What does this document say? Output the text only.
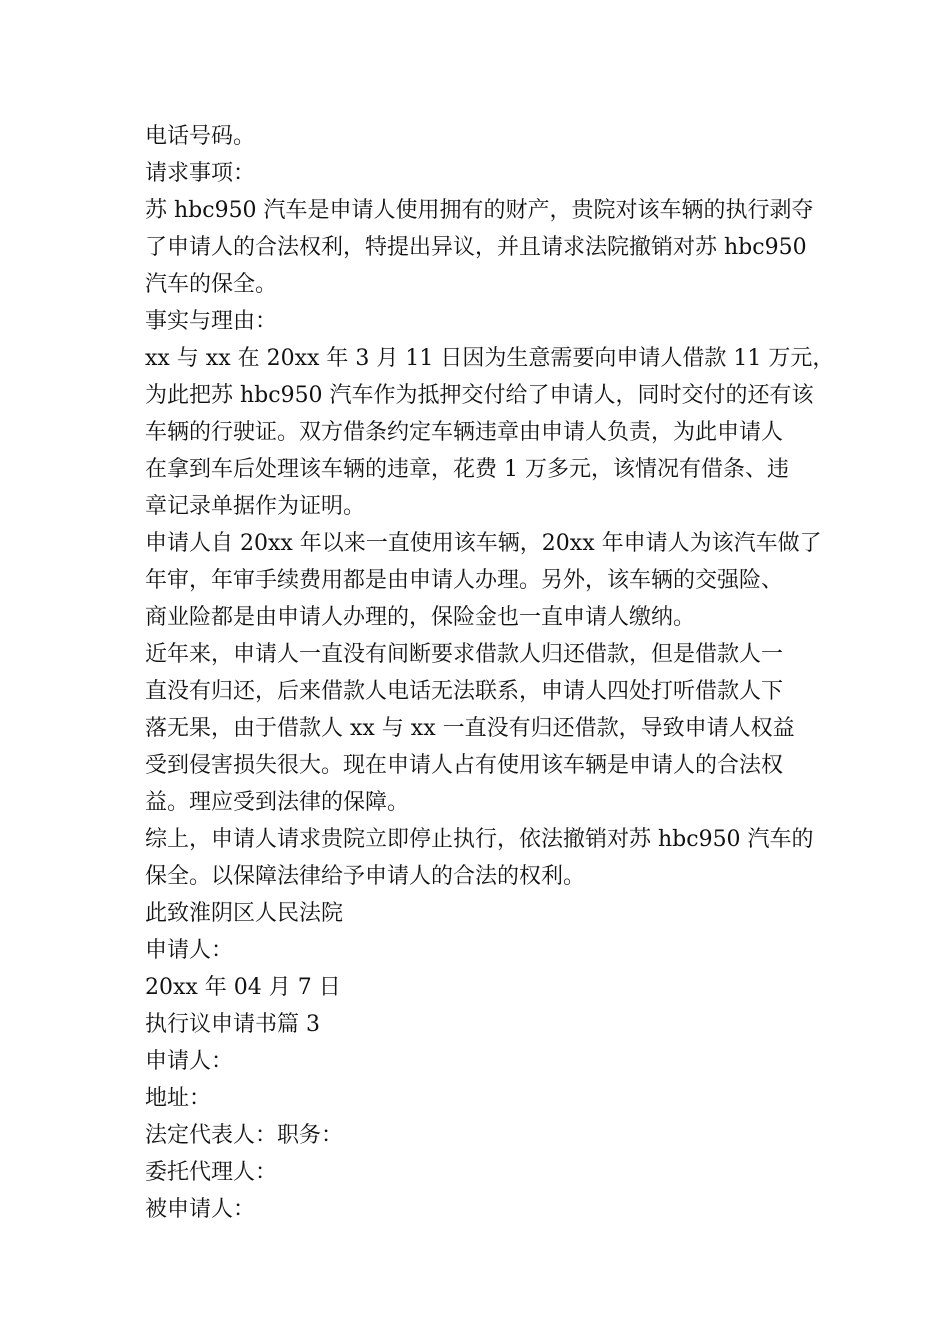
电话号码。
请求事项：
苏 hbc950 汽车是申请人使用拥有的财产，贵院对该车辆的执行剥夺
了申请人的合法权利，特提出异议，并且请求法院撤销对苏 hbc950
汽车的保全。
事实与理由：
xx 与 xx 在 20xx 年 3 月 11 日因为生意需要向申请人借款 11 万元，
为此把苏 hbc950 汽车作为抵押交付给了申请人，同时交付的还有该
车辆的行驶证。双方借条约定车辆违章由申请人负责，为此申请人
在拿到车后处理该车辆的违章，花费 1 万多元，该情况有借条、违
章记录单据作为证明。
申请人自 20xx 年以来一直使用该车辆，20xx 年申请人为该汽车做了
年审，年审手续费用都是由申请人办理。另外，该车辆的交强险、
商业险都是由申请人办理的，保险金也一直申请人缴纳。
近年来，申请人一直没有间断要求借款人归还借款，但是借款人一
直没有归还，后来借款人电话无法联系，申请人四处打听借款人下
落无果，由于借款人 xx 与 xx 一直没有归还借款，导致申请人权益
受到侵害损失很大。现在申请人占有使用该车辆是申请人的合法权
益。理应受到法律的保障。
综上，申请人请求贵院立即停止执行，依法撤销对苏 hbc950 汽车的
保全。以保障法律给予申请人的合法的权利。
此致淮阴区人民法院
申请人：
20xx 年 04 月 7 日
执行议申请书篇 3
申请人：
地址：
法定代表人：职务：
委托代理人：
被申请人：
